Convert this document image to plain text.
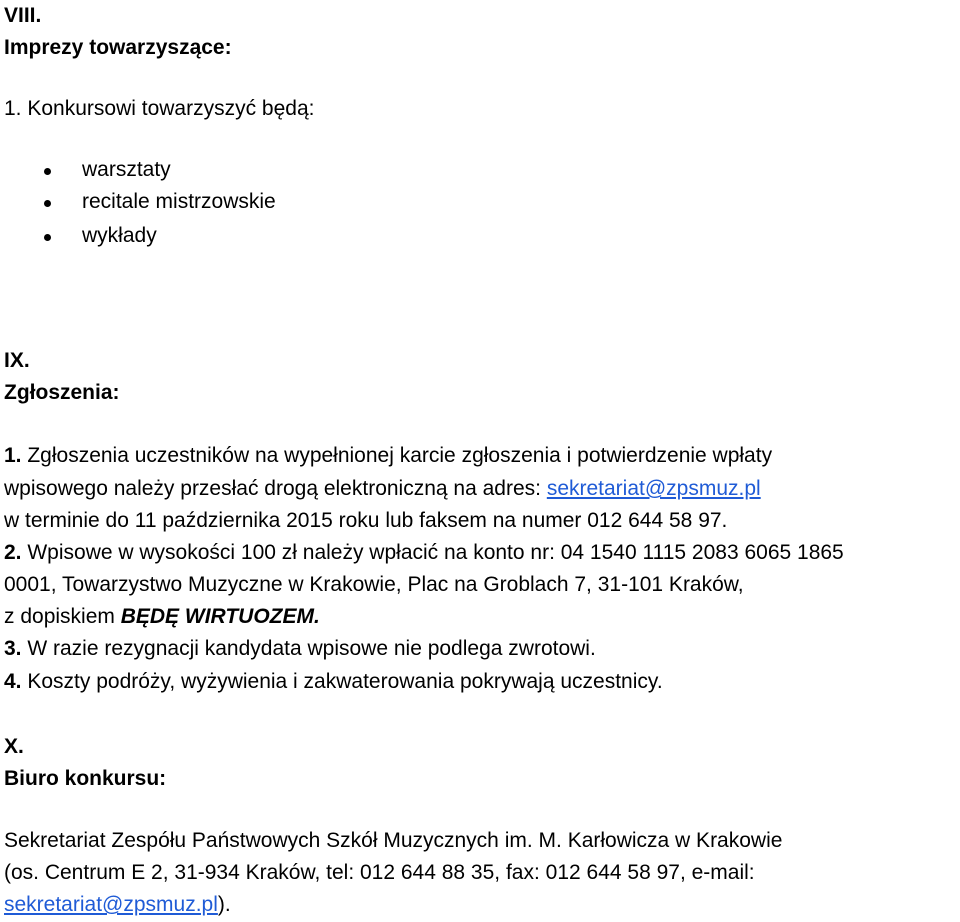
VIII.
Imprezy towarzyszące:
1. Konkursowi towarzyszyć będą:
warsztaty
recitale mistrzowskie
wykłady
IX.
Zgłoszenia:
1. Zgłoszenia uczestników na wypełnionej karcie zgłoszenia i potwierdzenie wpłaty
wpisowego należy przesłać drogą elektroniczną na adres: sekretariat@zpsmuz.pl
w terminie do 11 października 2015 roku lub faksem na numer 012 644 58 97.
2. Wpisowe w wysokości 100 zł należy wpłacić na konto nr: 04 1540 1115 2083 6065 1865
0001, Towarzystwo Muzyczne w Krakowie, Plac na Groblach 7, 31-101 Kraków,
z dopiskiem BĘDĘ WIRTUOZEM.
3. W razie rezygnacji kandydata wpisowe nie podlega zwrotowi.
4. Koszty podróży, wyżywienia i zakwaterowania pokrywają uczestnicy.
X.
Biuro konkursu:
Sekretariat Zespółu Państwowych Szkół Muzycznych im. M. Karłowicza w Krakowie
(os. Centrum E 2, 31-934 Kraków, tel: 012 644 88 35, fax: 012 644 58 97, e-mail:
sekretariat@zpsmuz.pl).
